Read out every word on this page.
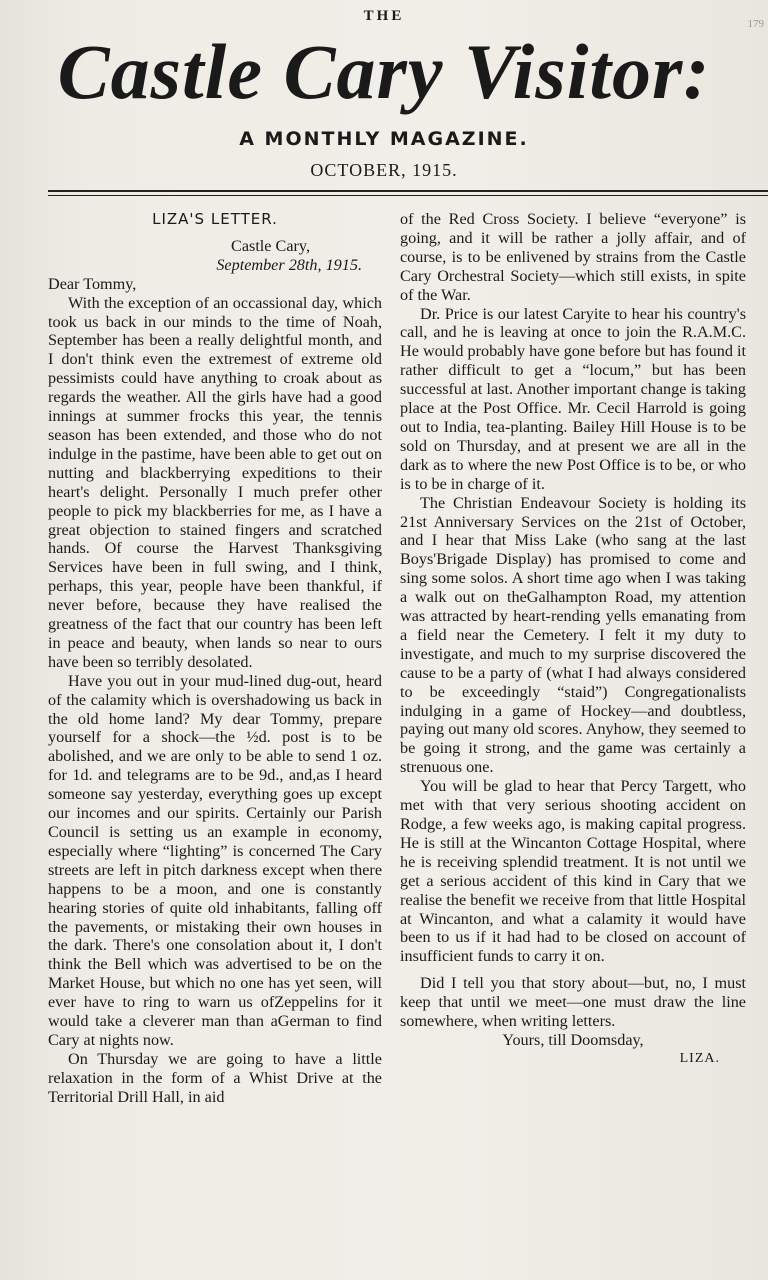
179
THE
Castle Cary Visitor:
A MONTHLY MAGAZINE.
OCTOBER, 1915.
LIZA'S LETTER.

Castle Cary,

September 28th, 1915.

Dear Tommy,

With the exception of an occassional day, which took us back in our minds to the time of Noah, September has been a really delightful month, and I don't think even the extremest of extreme old pessimists could have anything to croak about as regards the weather. All the girls have had a good innings at summer frocks this year, the tennis season has been extended, and those who do not indulge in the pastime, have been able to get out on nutting and blackberrying expeditions to their heart's delight. Personally I much prefer other people to pick my blackberries for me, as I have a great objection to stained fingers and scratched hands. Of course the Harvest Thanksgiving Services have been in full swing, and I think, perhaps, this year, people have been thankful, if never before, because they have realised the greatness of the fact that our country has been left in peace and beauty, when lands so near to ours have been so terribly desolated.

Have you out in your mud-lined dug-out, heard of the calamity which is overshadowing us back in the old home land? My dear Tommy, prepare yourself for a shock—the ½d. post is to be abolished, and we are only to be able to send 1 oz. for 1d. and telegrams are to be 9d., and,as I heard someone say yesterday, everything goes up except our incomes and our spirits. Certainly our Parish Council is setting us an example in economy, especially where “lighting” is concerned The Cary streets are left in pitch darkness except when there happens to be a moon, and one is constantly hearing stories of quite old inhabitants, falling off the pavements, or mistaking their own houses in the dark. There's one consolation about it, I don't think the Bell which was advertised to be on the Market House, but which no one has yet seen, will ever have to ring to warn us ofZeppelins for it would take a cleverer man than aGerman to find Cary at nights now.

On Thursday we are going to have a little relaxation in the form of a Whist Drive at the Territorial Drill Hall, in aid

of the Red Cross Society. I believe “everyone” is going, and it will be rather a jolly affair, and of course, is to be enlivened by strains from the Castle Cary Orchestral Society—which still exists, in spite of the War.

Dr. Price is our latest Caryite to hear his country's call, and he is leaving at once to join the R.A.M.C. He would probably have gone before but has found it rather difficult to get a “locum,” but has been successful at last. Another important change is taking place at the Post Office. Mr. Cecil Harrold is going out to India, tea-planting. Bailey Hill House is to be sold on Thursday, and at present we are all in the dark as to where the new Post Office is to be, or who is to be in charge of it.

The Christian Endeavour Society is holding its 21st Anniversary Services on the 21st of October, and I hear that Miss Lake (who sang at the last Boys'Brigade Display) has promised to come and sing some solos. A short time ago when I was taking a walk out on theGalhampton Road, my attention was attracted by heart-rending yells emanating from a field near the Cemetery. I felt it my duty to investigate, and much to my surprise discovered the cause to be a party of (what I had always considered to be exceedingly “staid”) Congregationalists indulging in a game of Hockey—and doubtless, paying out many old scores. Anyhow, they seemed to be going it strong, and the game was certainly a strenuous one.

You will be glad to hear that Percy Targett, who met with that very serious shooting accident on Rodge, a few weeks ago, is making capital progress. He is still at the Wincanton Cottage Hospital, where he is receiving splendid treatment. It is not until we get a serious accident of this kind in Cary that we realise the benefit we receive from that little Hospital at Wincanton, and what a calamity it would have been to us if it had had to be closed on account of insufficient funds to carry it on.

Did I tell you that story about—but, no, I must keep that until we meet—one must draw the line somewhere, when writing letters.

Yours, till Doomsday,

LIZA.
